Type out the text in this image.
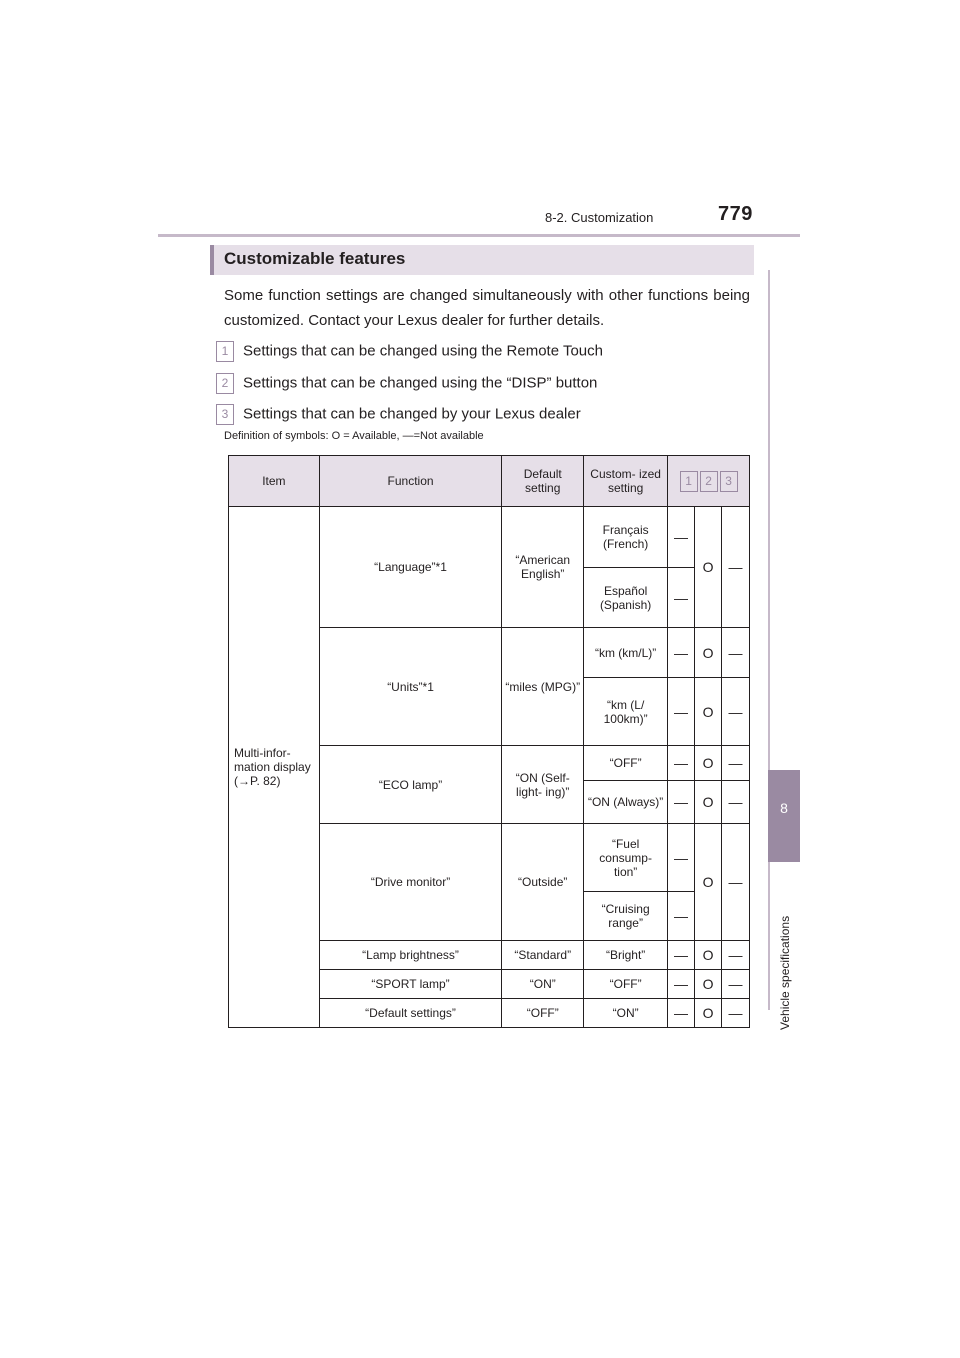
8-2. Customization	779
8
Vehicle specifications
Customizable features
Some function settings are changed simultaneously with other functions being customized. Contact your Lexus dealer for further details.
1 Settings that can be changed using the Remote Touch
2 Settings that can be changed using the “DISP” button
3 Settings that can be changed by your Lexus dealer
Definition of symbols: O = Available, —=Not available
Item	Function	Default setting	Custom- ized setting	1 2 3		
Multi-infor- mation display (→P. 82)	“Language”*1	“American English”	Français (French)	—	O	—
			Español (Spanish)	—		
	“Units”*1	“miles (MPG)”	“km (km/L)”	—	O	—
			“km (L/ 100km)”	—	O	—
	“ECO lamp”	“ON (Self-light- ing)”	“OFF”	—	O	—
			“ON (Always)”	—	O	—
	“Drive monitor”	“Outside”	“Fuel consump- tion”	—	O	—
			“Cruising range”	—		
	“Lamp brightness”	“Standard”	“Bright”	—	O	—
	“SPORT lamp”	“ON”	“OFF”	—	O	—
	“Default settings”	“OFF”	“ON”	—	O	—
